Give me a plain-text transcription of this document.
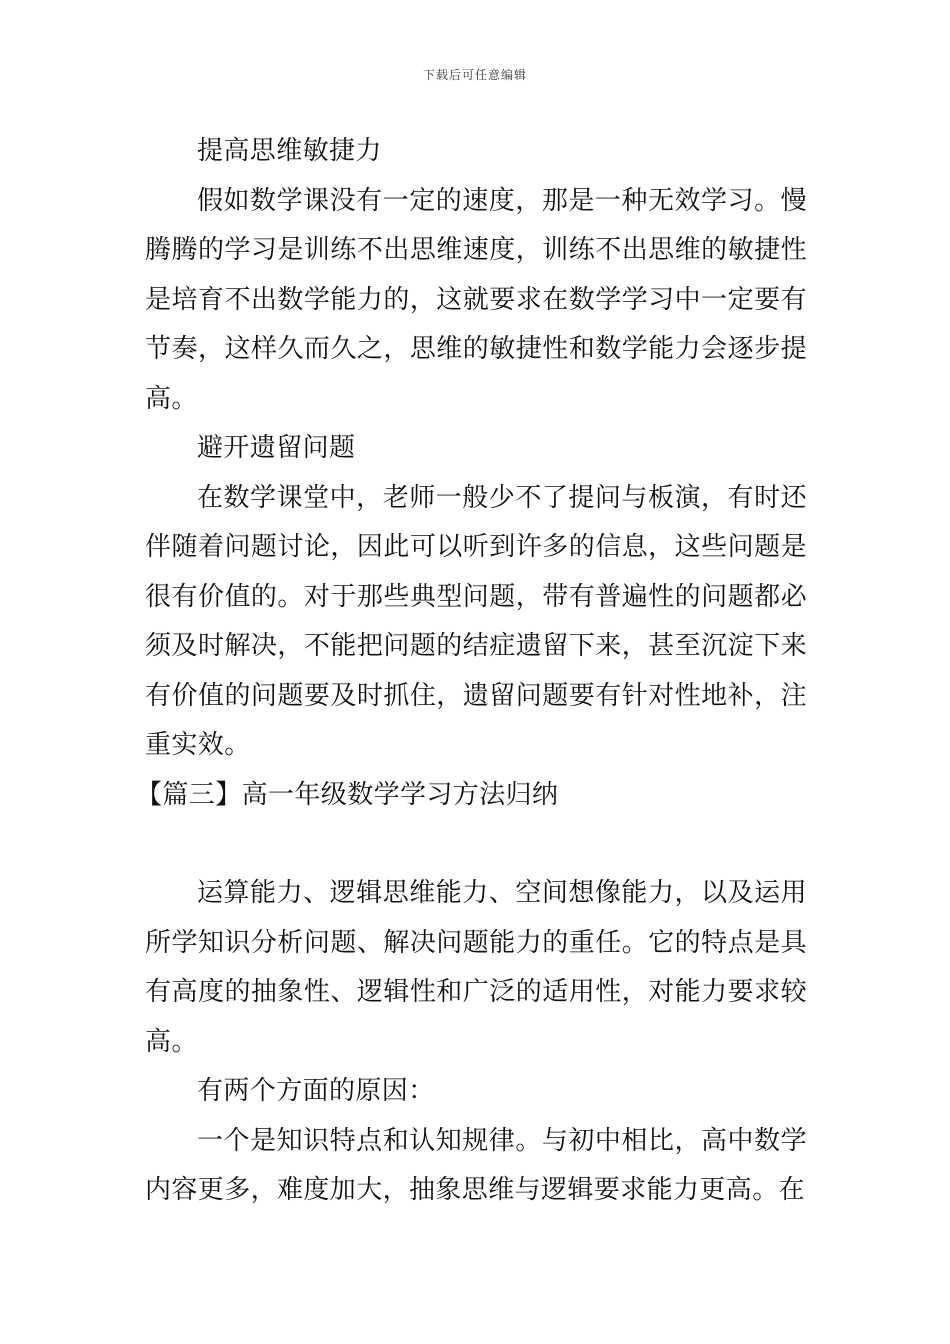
下载后可任意编辑

提高思维敏捷力

假如数学课没有一定的速度，那是一种无效学习。慢腾腾的学习是训练不出思维速度，训练不出思维的敏捷性是培育不出数学能力的，这就要求在数学学习中一定要有节奏，这样久而久之，思维的敏捷性和数学能力会逐步提高。

避开遗留问题

在数学课堂中，老师一般少不了提问与板演，有时还伴随着问题讨论，因此可以听到许多的信息，这些问题是很有价值的。对于那些典型问题，带有普遍性的问题都必须及时解决，不能把问题的结症遗留下来，甚至沉淀下来有价值的问题要及时抓住，遗留问题要有针对性地补，注重实效。

【篇三】高一年级数学学习方法归纳

运算能力、逻辑思维能力、空间想像能力，以及运用所学知识分析问题、解决问题能力的重任。它的特点是具有高度的抽象性、逻辑性和广泛的适用性，对能力要求较高。

有两个方面的原因：

一个是知识特点和认知规律。与初中相比，高中数学内容更多，难度加大，抽象思维与逻辑要求能力更高。在
